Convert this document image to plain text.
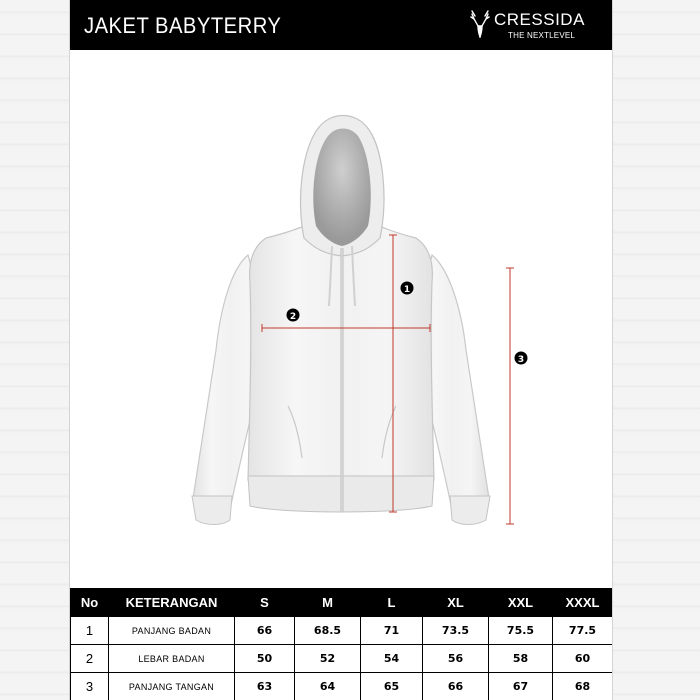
JAKET BABYTERRY	CRESSIDA
THE NEXTLEVEL
1
2
3
No	KETERANGAN	S	M	L	XL	XXL	XXXL
1	PANJANG BADAN	66	68.5	71	73.5	75.5	77.5
2	LEBAR BADAN	50	52	54	56	58	60
3	PANJANG TANGAN	63	64	65	66	67	68
